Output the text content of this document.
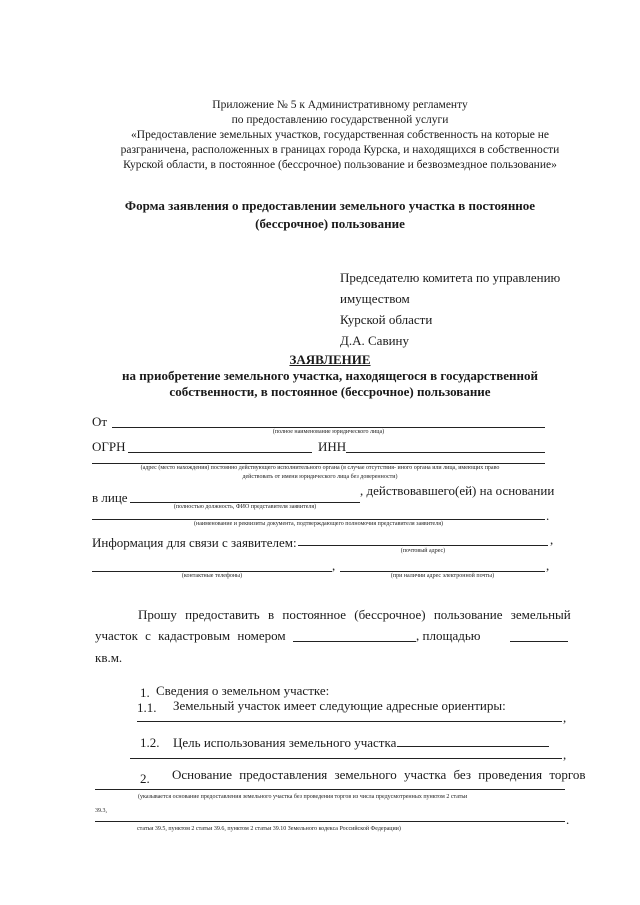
Приложение № 5 к Административному регламенту
по предоставлению государственной услуги
«Предоставление земельных участков, государственная собственность на которые не
разграничена, расположенных в границах города Курска, и находящихся в собственности
Курской области, в постоянное (бессрочное) пользование и безвозмездное пользование»
Форма заявления о предоставлении земельного участка в постоянное
(бессрочное) пользование
Председателю комитета по управлению
имуществом
Курской области
Д.А. Савину
ЗАЯВЛЕНИЕ
на приобретение земельного участка, находящегося в государственной
собственности, в постоянное (бессрочное) пользование
От
(полное наименование юридического лица)
ОГРН	ИНН
(адрес (место нахождения) постоянно действующего исполнительного органа (в случае отсутствия- иного органа или лица, имеющих право
действовать от имени юридического лица без доверенности)
в лице	, действовавшего(ей) на основании
(полностью должность, ФИО представителя заявителя)
.
(наименование и реквизиты документа, подтверждающего полномочия представителя заявителя)
Информация для связи с заявителем:	,
(почтовый адрес)
,	,
(контактные телефоны)	(при наличии адрес электронной почты)
Прошу предоставить в постоянное (бессрочное) пользование земельный
участок с кадастровым номером	, площадью
кв.м.
1. Сведения о земельном участке:
1.1. Земельный участок имеет следующие адресные ориентиры:
,
1.2. Цель использования земельного участка
,
2. Основание предоставления земельного участка без проведения торгов
(указывается основание предоставления земельного участка без проведения торгов из числа предусмотренных пунктом 2 статьи
39.3,
.
статьи 39.5, пунктом 2 статьи 39.6, пунктом 2 статьи 39.10 Земельного кодекса Российской Федерации)
